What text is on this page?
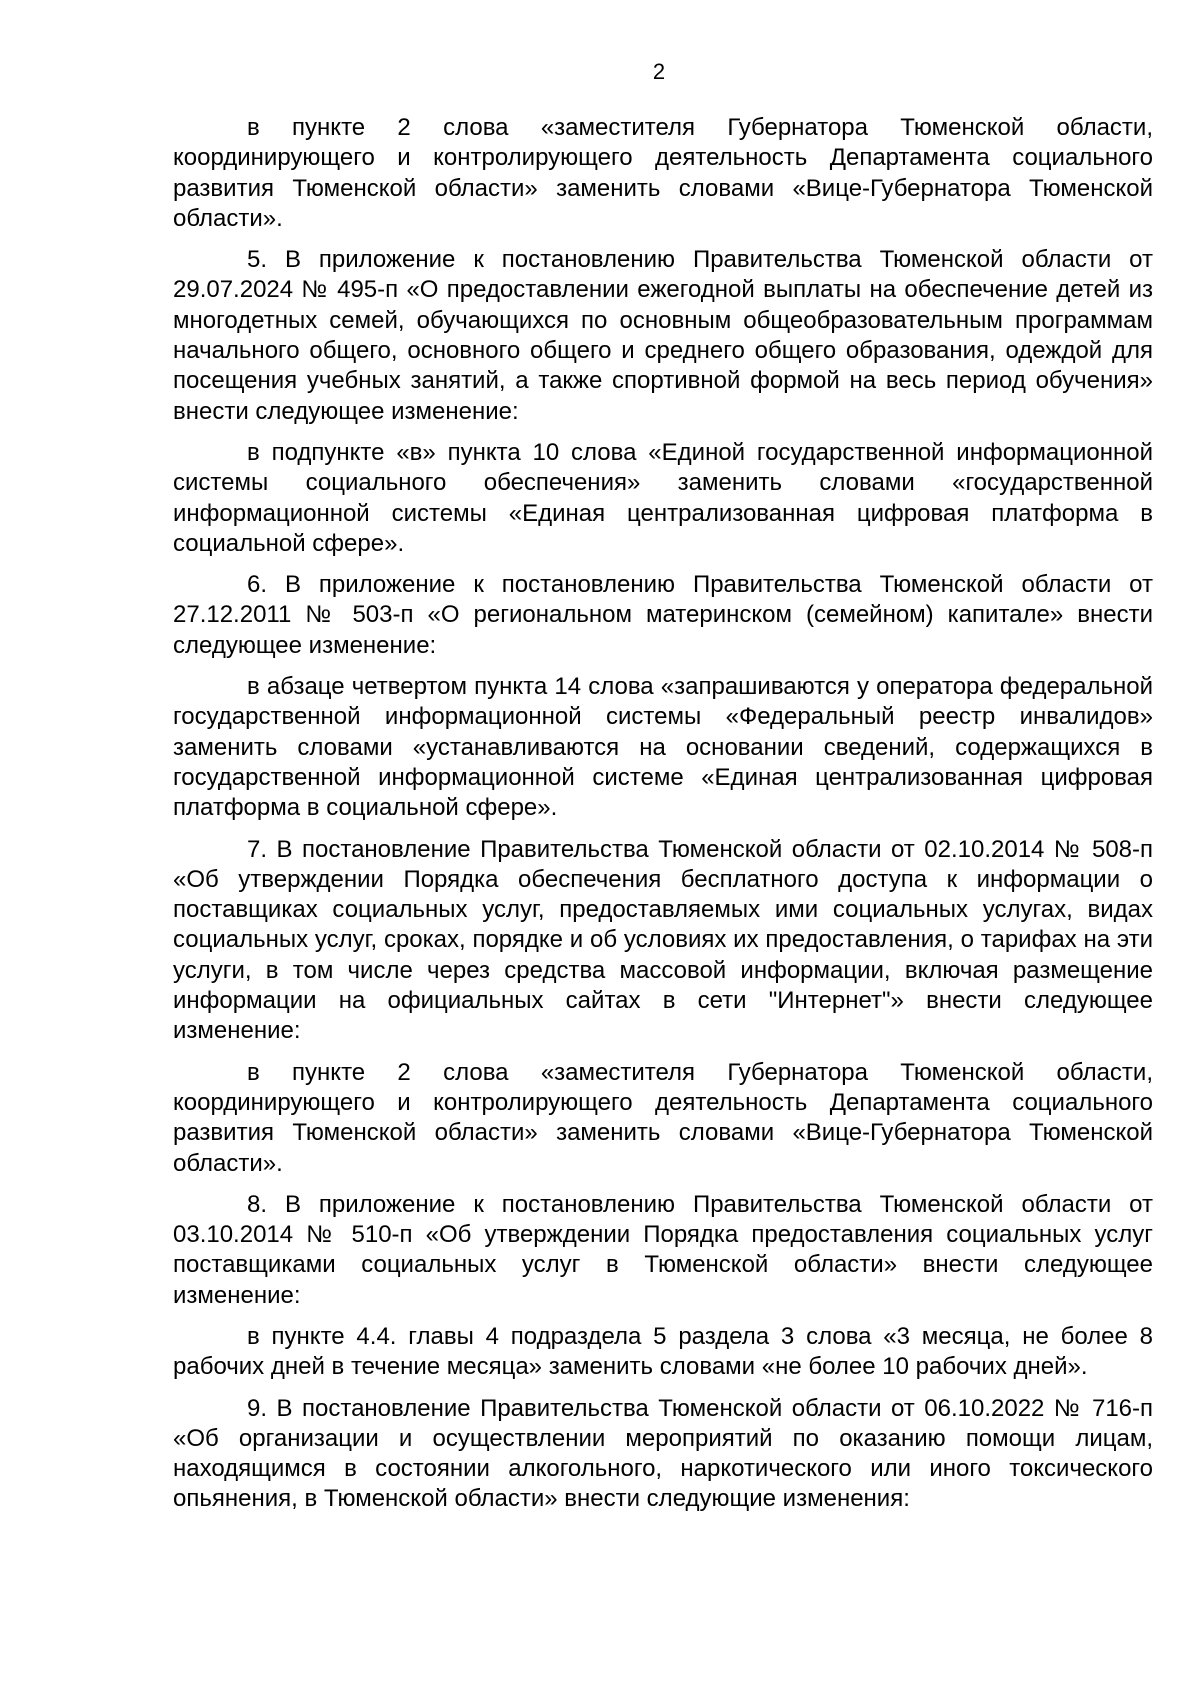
2

в пункте 2 слова «заместителя Губернатора Тюменской области, координирующего и контролирующего деятельность Департамента социального развития Тюменской области» заменить словами «Вице-Губернатора Тюменской области».

5. В приложение к постановлению Правительства Тюменской области от 29.07.2024 № 495-п «О предоставлении ежегодной выплаты на обеспечение детей из многодетных семей, обучающихся по основным общеобразовательным программам начального общего, основного общего и среднего общего образования, одеждой для посещения учебных занятий, а также спортивной формой на весь период обучения» внести следующее изменение:

в подпункте «в» пункта 10 слова «Единой государственной информационной системы социального обеспечения» заменить словами «государственной информационной системы «Единая централизованная цифровая платформа в социальной сфере».

6. В приложение к постановлению Правительства Тюменской области от 27.12.2011 № 503-п «О региональном материнском (семейном) капитале» внести следующее изменение:

в абзаце четвертом пункта 14 слова «запрашиваются у оператора федеральной государственной информационной системы «Федеральный реестр инвалидов» заменить словами «устанавливаются на основании сведений, содержащихся в государственной информационной системе «Единая централизованная цифровая платформа в социальной сфере».

7. В постановление Правительства Тюменской области от 02.10.2014 № 508-п «Об утверждении Порядка обеспечения бесплатного доступа к информации о поставщиках социальных услуг, предоставляемых ими социальных услугах, видах социальных услуг, сроках, порядке и об условиях их предоставления, о тарифах на эти услуги, в том числе через средства массовой информации, включая размещение информации на официальных сайтах в сети "Интернет"» внести следующее изменение:

в пункте 2 слова «заместителя Губернатора Тюменской области, координирующего и контролирующего деятельность Департамента социального развития Тюменской области» заменить словами «Вице-Губернатора Тюменской области».

8. В приложение к постановлению Правительства Тюменской области от 03.10.2014 № 510-п «Об утверждении Порядка предоставления социальных услуг поставщиками социальных услуг в Тюменской области» внести следующее изменение:

в пункте 4.4. главы 4 подраздела 5 раздела 3 слова «3 месяца, не более 8 рабочих дней в течение месяца» заменить словами «не более 10 рабочих дней».

9. В постановление Правительства Тюменской области от 06.10.2022 № 716-п «Об организации и осуществлении мероприятий по оказанию помощи лицам, находящимся в состоянии алкогольного, наркотического или иного токсического опьянения, в Тюменской области» внести следующие изменения:
